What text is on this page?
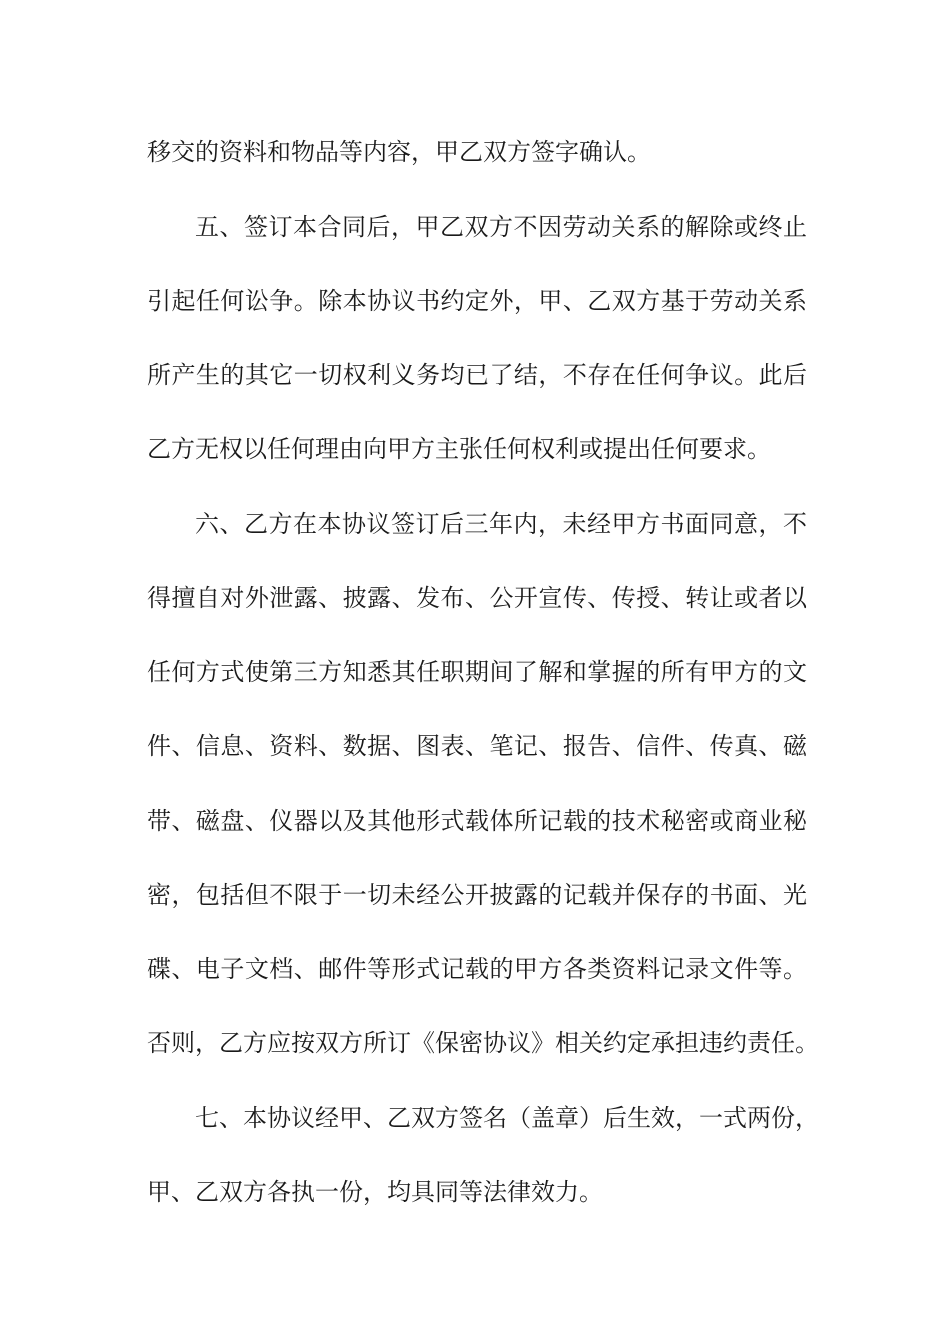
移交的资料和物品等内容，甲乙双方签字确认。
五、签订本合同后，甲乙双方不因劳动关系的解除或终止
引起任何讼争。除本协议书约定外，甲、乙双方基于劳动关系
所产生的其它一切权利义务均已了结，不存在任何争议。此后
乙方无权以任何理由向甲方主张任何权利或提出任何要求。
六、乙方在本协议签订后三年内，未经甲方书面同意，不
得擅自对外泄露、披露、发布、公开宣传、传授、转让或者以
任何方式使第三方知悉其任职期间了解和掌握的所有甲方的文
件、信息、资料、数据、图表、笔记、报告、信件、传真、磁
带、磁盘、仪器以及其他形式载体所记载的技术秘密或商业秘
密，包括但不限于一切未经公开披露的记载并保存的书面、光
碟、电子文档、邮件等形式记载的甲方各类资料记录文件等。
否则，乙方应按双方所订《保密协议》相关约定承担违约责任。
七、本协议经甲、乙双方签名（盖章）后生效，一式两份，
甲、乙双方各执一份，均具同等法律效力。
